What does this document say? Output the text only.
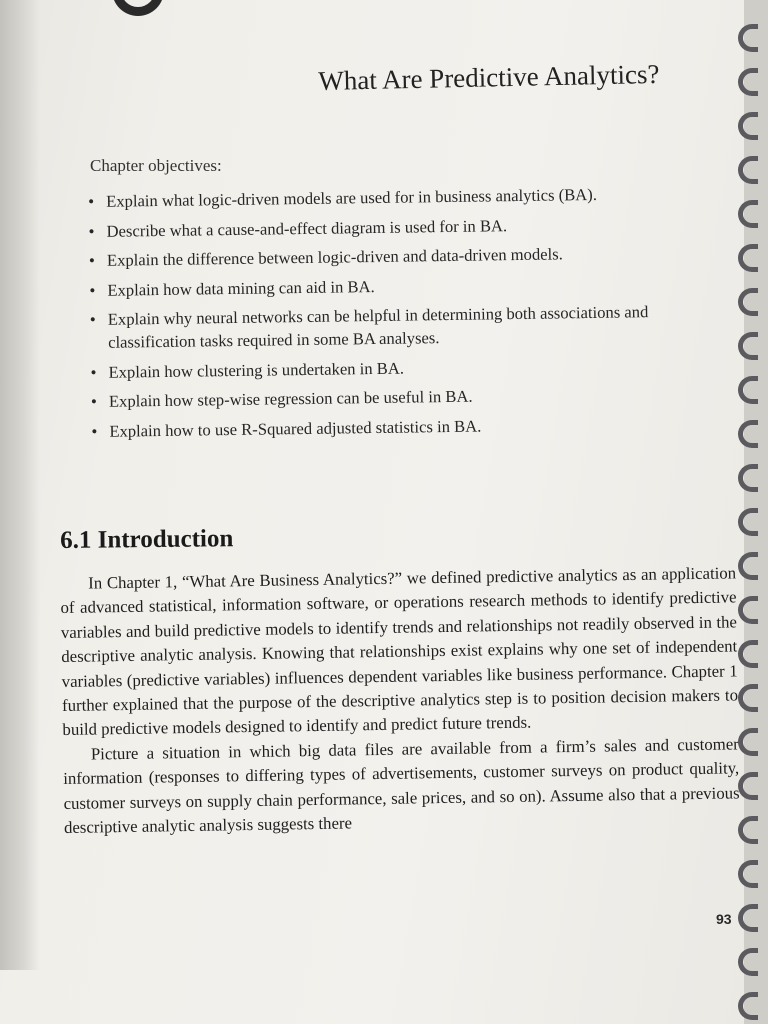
What Are Predictive Analytics?
Chapter objectives:
• Explain what logic-driven models are used for in business analytics (BA).
• Describe what a cause-and-effect diagram is used for in BA.
• Explain the difference between logic-driven and data-driven models.
• Explain how data mining can aid in BA.
• Explain why neural networks can be helpful in determining both associations and classification tasks required in some BA analyses.
• Explain how clustering is undertaken in BA.
• Explain how step-wise regression can be useful in BA.
• Explain how to use R-Squared adjusted statistics in BA.
6.1 Introduction

In Chapter 1, “What Are Business Analytics?” we defined predictive analytics as an application of advanced statistical, information software, or operations research methods to identify predictive variables and build predictive models to identify trends and relationships not readily observed in the descriptive analytic analysis. Knowing that relationships exist explains why one set of independent variables (predictive variables) influences dependent variables like business performance. Chapter 1 further explained that the purpose of the descriptive analytics step is to position decision makers to build predictive models designed to identify and predict future trends.

Picture a situation in which big data files are available from a firm’s sales and customer information (responses to differing types of advertisements, customer surveys on product quality, customer surveys on supply chain performance, sale prices, and so on). Assume also that a previous descriptive analytic analysis suggests there

93
